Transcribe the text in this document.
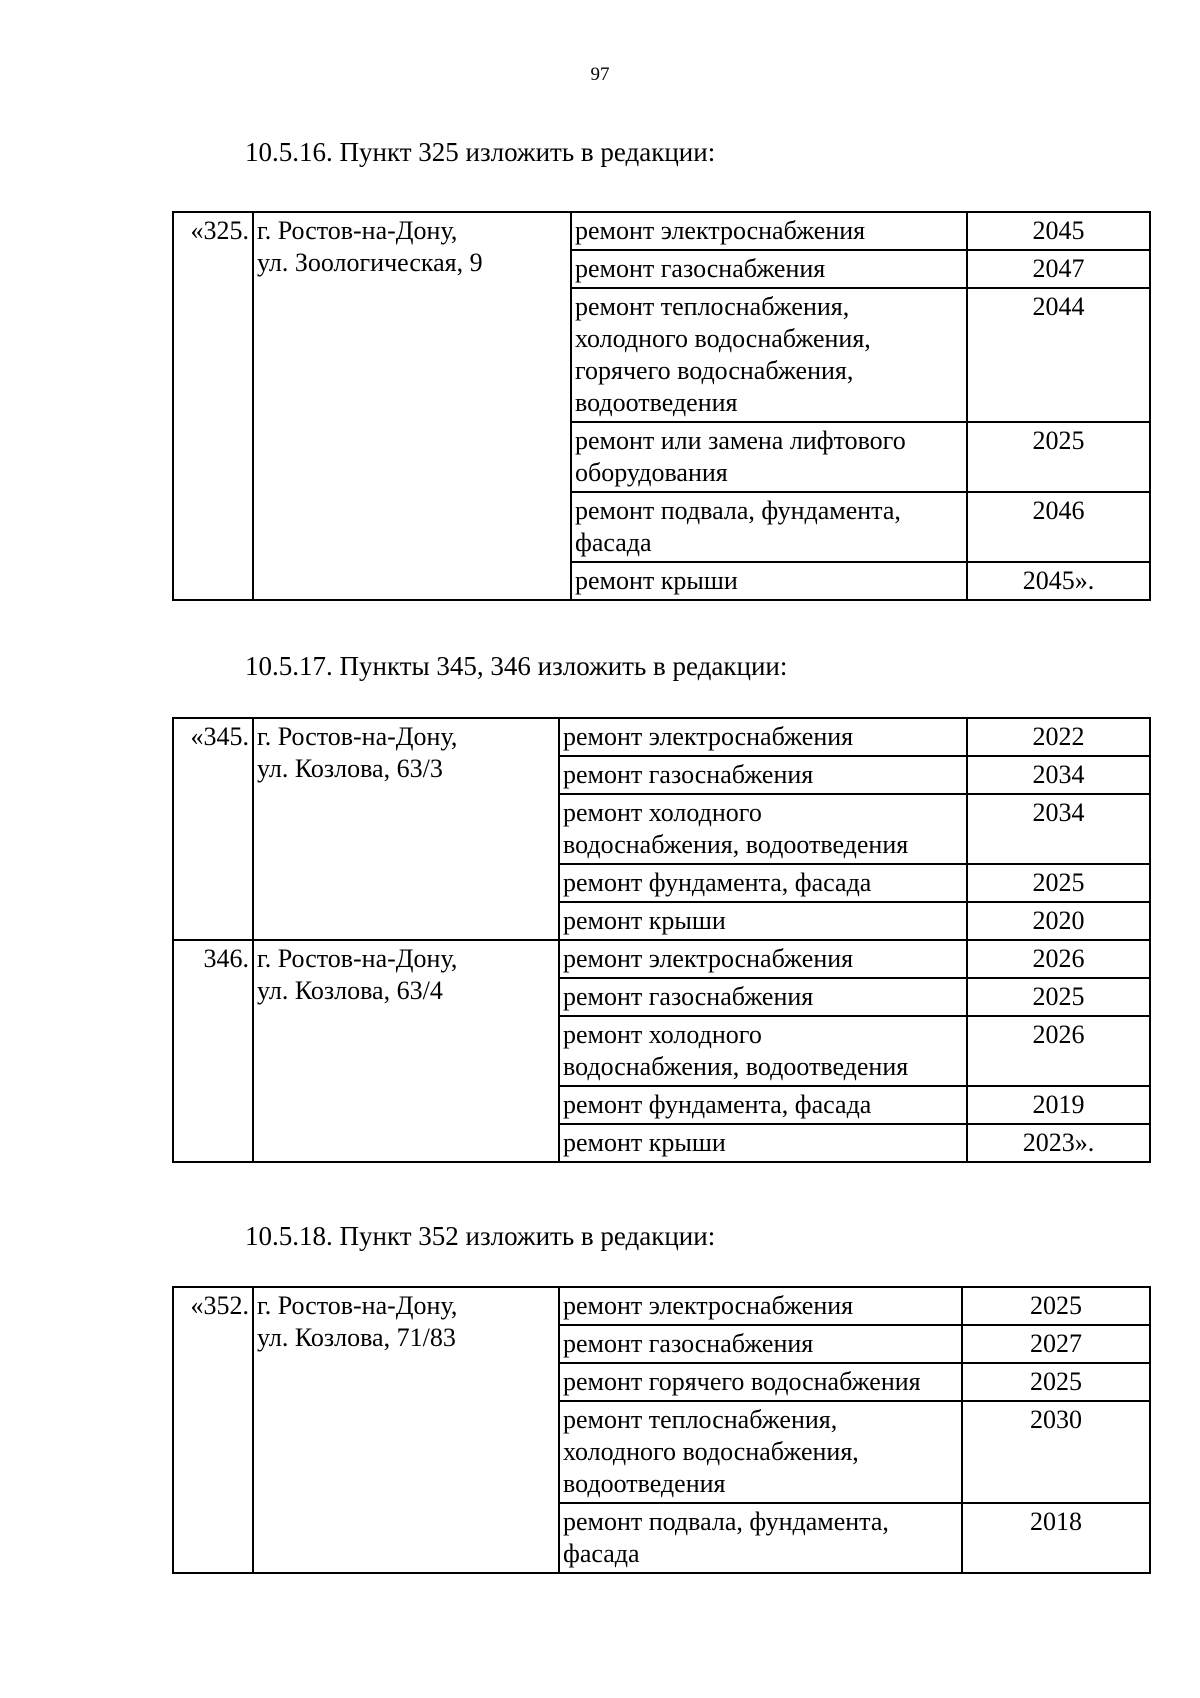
97
10.5.16. Пункт 325 изложить в редакции:
«325.	г. Ростов-на-Дону,
ул. Зоологическая, 9	ремонт электроснабжения	2045
		ремонт газоснабжения	2047
		ремонт теплоснабжения,
холодного водоснабжения,
горячего водоснабжения,
водоотведения	2044
		ремонт или замена лифтового
оборудования	2025
		ремонт подвала, фундамента,
фасада	2046
		ремонт крыши	2045».
10.5.17. Пункты 345, 346 изложить в редакции:
«345.	г. Ростов-на-Дону,
ул. Козлова, 63/3	ремонт электроснабжения	2022
		ремонт газоснабжения	2034
		ремонт холодного
водоснабжения, водоотведения	2034
		ремонт фундамента, фасада	2025
		ремонт крыши	2020
346.	г. Ростов-на-Дону,
ул. Козлова, 63/4	ремонт электроснабжения	2026
		ремонт газоснабжения	2025
		ремонт холодного
водоснабжения, водоотведения	2026
		ремонт фундамента, фасада	2019
		ремонт крыши	2023».
10.5.18. Пункт 352 изложить в редакции:
«352.	г. Ростов-на-Дону,
ул. Козлова, 71/83	ремонт электроснабжения	2025
		ремонт газоснабжения	2027
		ремонт горячего водоснабжения	2025
		ремонт теплоснабжения,
холодного водоснабжения,
водоотведения	2030
		ремонт подвала, фундамента,
фасада	2018
